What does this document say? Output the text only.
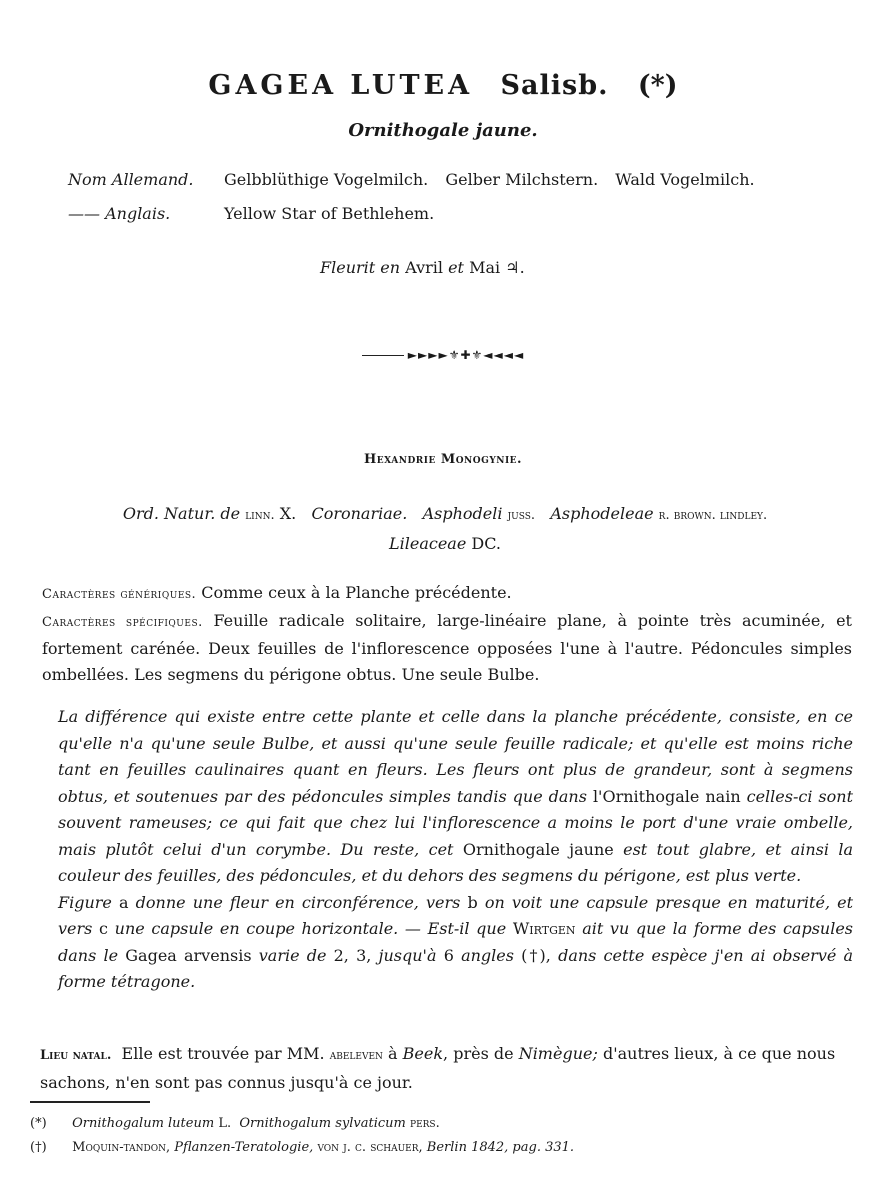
GAGEA LUTEA Salisb. (*)
Ornithogale jaune.
Nom Allemand.	Gelbblüthige Vogelmilch. Gelber Milchstern. Wald Vogelmilch.
—— Anglais.	Yellow Star of Bethlehem.
Fleurit en Avril et Mai ♃.
►►►►⚜✚⚜◄◄◄◄
Hexandrie Monogynie.
Ord. Natur. de linn. X. Coronariae. Asphodeli juss. Asphodeleae r. brown. lindley.
Lileaceae DC.
Caractères génériques. Comme ceux à la Planche précédente.
Caractères spécifiques. Feuille radicale solitaire, large-linéaire plane, à pointe très acuminée, et fortement carénée. Deux feuilles de l'inflorescence opposées l'une à l'autre. Pédoncules simples ombellées. Les segmens du périgone obtus. Une seule Bulbe.
La différence qui existe entre cette plante et celle dans la planche précédente, consiste, en ce qu'elle n'a qu'une seule Bulbe, et aussi qu'une seule feuille radicale; et qu'elle est moins riche tant en feuilles caulinaires quant en fleurs. Les fleurs ont plus de grandeur, sont à segmens obtus, et soutenues par des pédoncules simples tandis que dans l'Ornithogale nain celles-ci sont souvent rameuses; ce qui fait que chez lui l'inflorescence a moins le port d'une vraie ombelle, mais plutôt celui d'un corymbe. Du reste, cet Ornithogale jaune est tout glabre, et ainsi la couleur des feuilles, des pédoncules, et du dehors des segmens du périgone, est plus verte.
Figure a donne une fleur en circonférence, vers b on voit une capsule presque en maturité, et vers c une capsule en coupe horizontale. — Est-il que Wirtgen ait vu que la forme des capsules dans le Gagea arvensis varie de 2, 3, jusqu'à 6 angles (†), dans cette espèce j'en ai observé à forme tétragone.
Lieu natal. Elle est trouvée par MM. abeleven à Beek, près de Nimègue; d'autres lieux, à ce que nous sachons, n'en sont pas connus jusqu'à ce jour.
(*) Ornithogalum luteum L. Ornithogalum sylvaticum pers.
(†) Moquin-tandon, Pflanzen-Teratologie, von j. c. schauer, Berlin 1842, pag. 331.
